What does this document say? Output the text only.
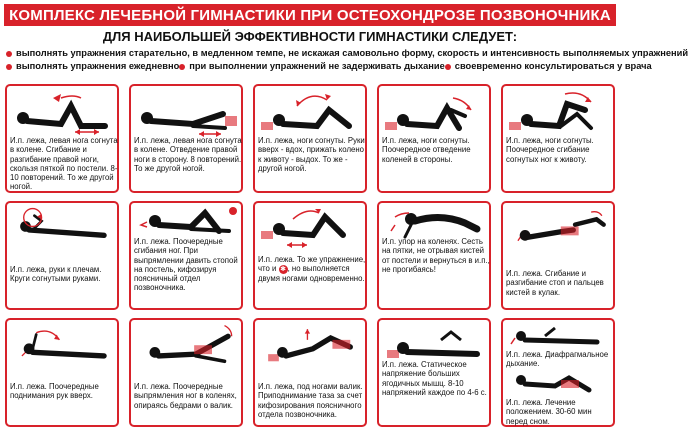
КОМПЛЕКС ЛЕЧЕБНОЙ ГИМНАСТИКИ ПРИ ОСТЕОХОНДРОЗЕ ПОЗВОНОЧНИКА
ДЛЯ НАИБОЛЬШЕЙ ЭФФЕКТИВНОСТИ ГИМНАСТИКИ СЛЕДУЕТ:
выполнять упражнения старательно, в медленном темпе, не искажая самовольно форму, скорость и интенсивность выполняемых упражнений
выполнять упражнения ежедневно при выполнении упражнений не задерживать дыхание своевременно консультироваться у врача
И.п. лежа, левая нога согнута в колене. Сгибание и разгибание правой ноги, скользя пяткой по постели. 8-10 повторений. То же другой ногой.
И.п. лежа, левая нога согнута в колене. Отведение правой ноги в сторону. 8 повторений. То же другой ногой.
И.п. лежа, ноги согнуты. Руки вверх - вдох, прижать колено к животу - выдох. То же - другой ногой.
И.п. лежа, ноги согнуты. Поочередное отведение коленей в стороны.
И.п. лежа, ноги согнуты. Поочередное сгибание согнутых ног к животу.
И.п. лежа, руки к плечам. Круги согнутыми руками.
И.п. лежа. Поочередные сгибания ног. При выпрямлении давить стопой на постель, кифозируя поясничный отдел позвоночника.
И.п. лежа. То же упражнение, что и ✱ , но выполняется двумя ногами одновременно.
И.п. упор на коленях. Сесть на пятки, не отрывая кистей от постели и вернуться в и.п., не прогибаясь!	И.п. лежа. Сгибание и разгибание стоп и пальцев кистей в кулак.
И.п. лежа. Поочередные поднимания рук вверх.
И.п. лежа. Поочередные выпрямления ног в коленях, опираясь бедрами о валик.
И.п. лежа, под ногами валик. Приподнимание таза за счет кифозирования поясничного отдела позвоночника.
И.п. лежа. Статическое напряжение больших ягодичных мышц. 8-10 напряжений каждое по 4-6 с.
И.п. лежа. Диафрагмальное дыхание.
И.п. лежа. Лечение положением. 30-60 мин перед сном.
